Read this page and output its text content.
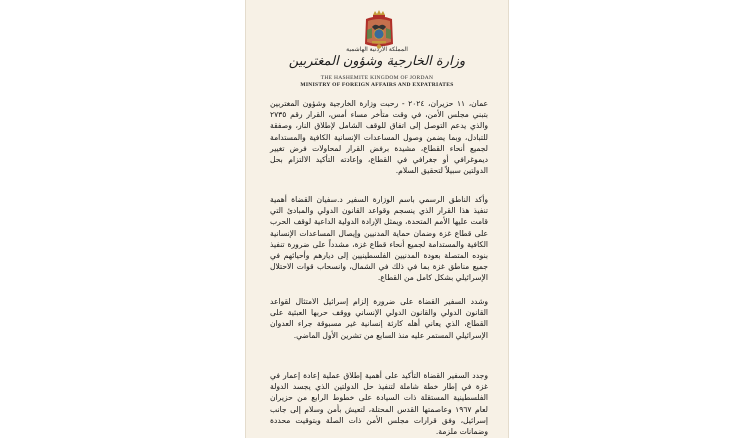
المملكة الأردنية الهاشمية
وزارة الخارجية وشؤون المغتربين
THE HASHEMITE KINGDOM OF JORDAN
MINISTRY OF FOREIGN AFFAIRS AND EXPATRIATES
عمان، ١١ حزيران، ٢٠٢٤ - رحبت وزارة الخارجية وشؤون المغتربين بتبني مجلس الأمن، في وقت متأخر مساء أمس، القرار رقم ٢٧٣٥ والذي يدعم التوصل إلى اتفاق للوقف الشامل لإطلاق النار، وصفقة للتبادل، وبما يضمن وصول المساعدات الإنسانية الكافية والمستدامة لجميع أنحاء القطاع، مشيدة برفض القرار لمحاولات فرض تغيير ديموغرافي أو جغرافي في القطاع، وإعادته التأكيد الالتزام بحل الدولتين سبيلاً لتحقيق السلام.
وأكد الناطق الرسمي باسم الوزارة السفير د.سفيان القضاة أهمية تنفيذ هذا القرار الذي ينسجم وقواعد القانون الدولي والمبادئ التي قامت عليها الأمم المتحدة، ويمثل الإرادة الدولية الداعية لوقف الحرب على قطاع غزة وضمان حماية المدنيين وإيصال المساعدات الإنسانية الكافية والمستدامة لجميع أنحاء قطاع غزة، مشدداً على ضرورة تنفيذ بنوده المتصلة بعودة المدنيين الفلسطينيين إلى ديارهم وأحيائهم في جميع مناطق غزة بما في ذلك في الشمال، وانسحاب قوات الاحتلال الإسرائيلي بشكل كامل من القطاع.
وشدد السفير القضاة على ضرورة إلزام إسرائيل الامتثال لقواعد القانون الدولي والقانون الدولي الإنساني ووقف حربها العبثية على القطاع، الذي يعاني أهله كارثة إنسانية غير مسبوقة جراء العدوان الإسرائيلي المستمر عليه منذ السابع من تشرين الأول الماضي.
وجدد السفير القضاة التأكيد على أهمية إطلاق عملية إعادة إعمار في غزة في إطار خطة شاملة لتنفيذ حل الدولتين الذي يجسد الدولة الفلسطينية المستقلة ذات السيادة على خطوط الرابع من حزيران لعام ١٩٦٧ وعاصمتها القدس المحتلة، لتعيش بأمن وسلام إلى جانب إسرائيل، وفق قرارات مجلس الأمن ذات الصلة وبتوقيت محددة وضمانات ملزمة.
